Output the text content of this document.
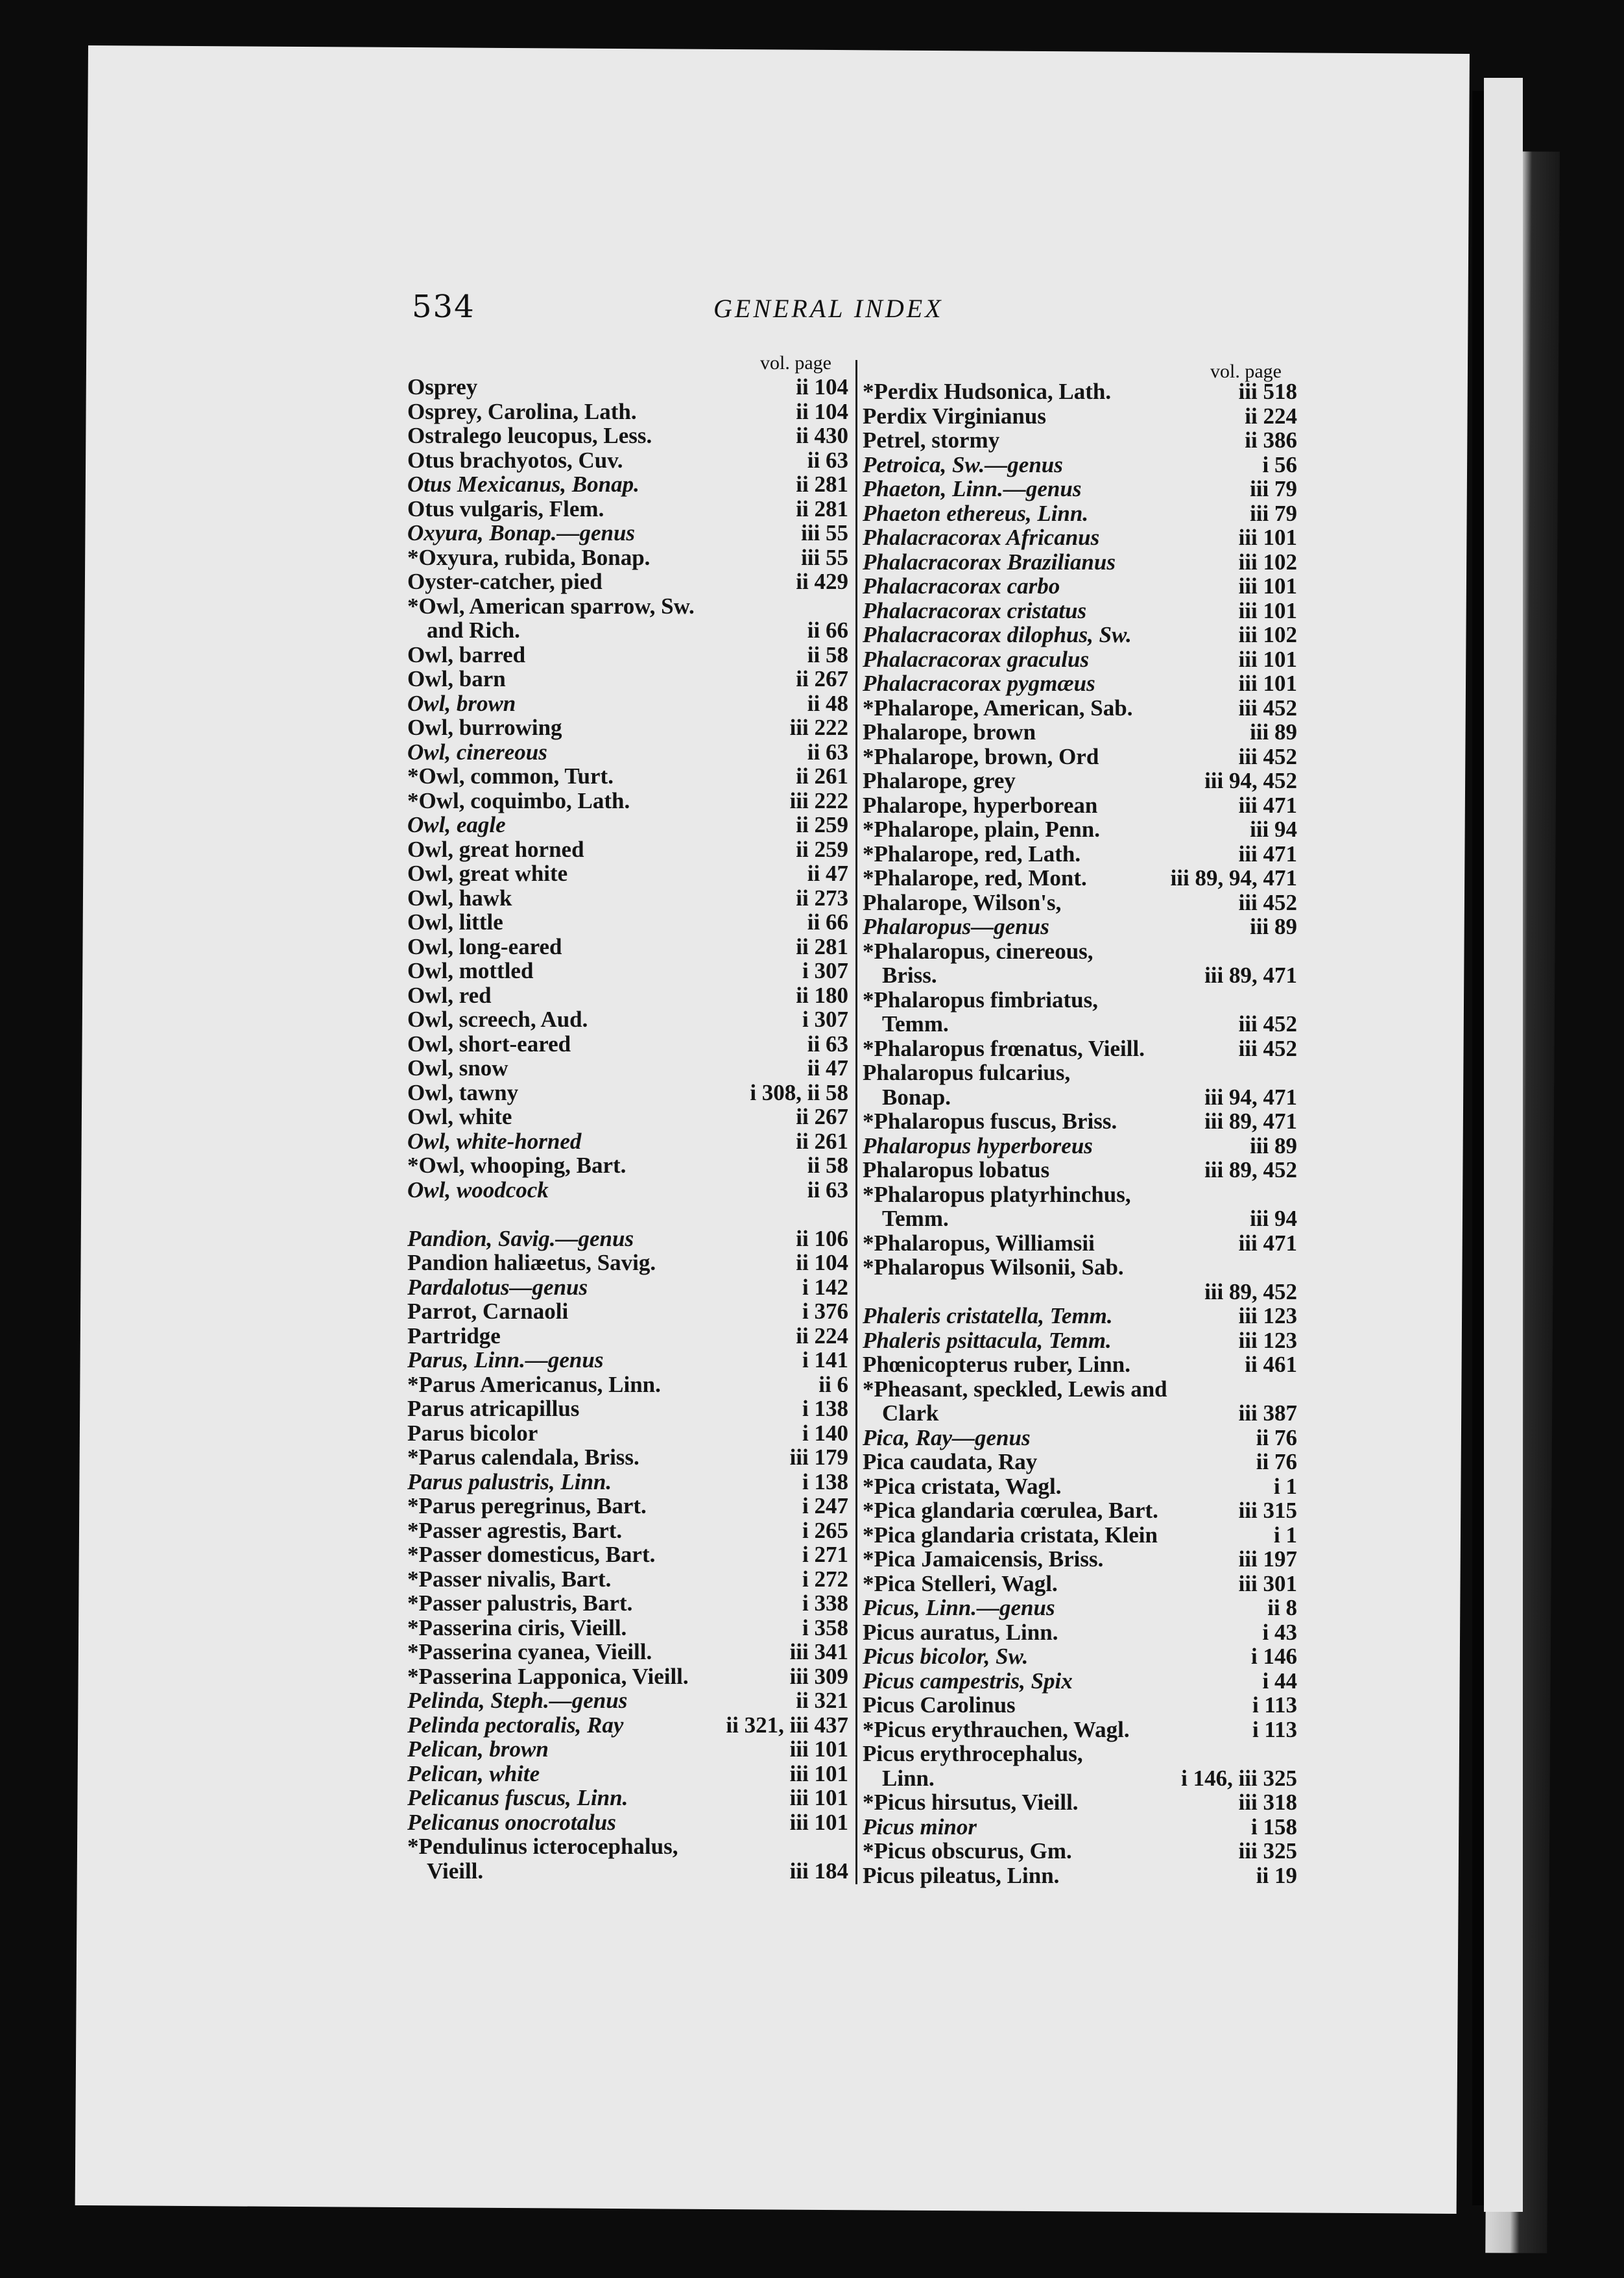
534	GENERAL INDEX
vol. page	vol. page
Osprey	ii 104
Osprey, Carolina, Lath.	ii 104
Ostralego leucopus, Less.	ii 430
Otus brachyotos, Cuv.	ii 63
Otus Mexicanus, Bonap.	ii 281
Otus vulgaris, Flem.	ii 281
Oxyura, Bonap.—genus	iii 55
*Oxyura, rubida, Bonap.	iii 55
Oyster-catcher, pied	ii 429
*Owl, American sparrow, Sw.
and Rich.	ii 66
Owl, barred	ii 58
Owl, barn	ii 267
Owl, brown	ii 48
Owl, burrowing	iii 222
Owl, cinereous	ii 63
*Owl, common, Turt.	ii 261
*Owl, coquimbo, Lath.	iii 222
Owl, eagle	ii 259
Owl, great horned	ii 259
Owl, great white	ii 47
Owl, hawk	ii 273
Owl, little	ii 66
Owl, long-eared	ii 281
Owl, mottled	i 307
Owl, red	ii 180
Owl, screech, Aud.	i 307
Owl, short-eared	ii 63
Owl, snow	ii 47
Owl, tawny	i 308, ii 58
Owl, white	ii 267
Owl, white-horned	ii 261
*Owl, whooping, Bart.	ii 58
Owl, woodcock	ii 63
Pandion, Savig.—genus	ii 106
Pandion haliæetus, Savig.	ii 104
Pardalotus—genus	i 142
Parrot, Carnaoli	i 376
Partridge	ii 224
Parus, Linn.—genus	i 141
*Parus Americanus, Linn.	ii 6
Parus atricapillus	i 138
Parus bicolor	i 140
*Parus calendala, Briss.	iii 179
Parus palustris, Linn.	i 138
*Parus peregrinus, Bart.	i 247
*Passer agrestis, Bart.	i 265
*Passer domesticus, Bart.	i 271
*Passer nivalis, Bart.	i 272
*Passer palustris, Bart.	i 338
*Passerina ciris, Vieill.	i 358
*Passerina cyanea, Vieill.	iii 341
*Passerina Lapponica, Vieill.	iii 309
Pelinda, Steph.—genus	ii 321
Pelinda pectoralis, Ray	ii 321, iii 437
Pelican, brown	iii 101
Pelican, white	iii 101
Pelicanus fuscus, Linn.	iii 101
Pelicanus onocrotalus	iii 101
*Pendulinus icterocephalus,
Vieill.	iii 184
*Perdix Hudsonica, Lath.	iii 518
Perdix Virginianus	ii 224
Petrel, stormy	ii 386
Petroica, Sw.—genus	i 56
Phaeton, Linn.—genus	iii 79
Phaeton ethereus, Linn.	iii 79
Phalacracorax Africanus	iii 101
Phalacracorax Brazilianus	iii 102
Phalacracorax carbo	iii 101
Phalacracorax cristatus	iii 101
Phalacracorax dilophus, Sw.	iii 102
Phalacracorax graculus	iii 101
Phalacracorax pygmæus	iii 101
*Phalarope, American, Sab.	iii 452
Phalarope, brown	iii 89
*Phalarope, brown, Ord	iii 452
Phalarope, grey	iii 94, 452
Phalarope, hyperborean	iii 471
*Phalarope, plain, Penn.	iii 94
*Phalarope, red, Lath.	iii 471
*Phalarope, red, Mont.	iii 89, 94, 471
Phalarope, Wilson's,	iii 452
Phalaropus—genus	iii 89
*Phalaropus, cinereous,
Briss.	iii 89, 471
*Phalaropus fimbriatus,
Temm.	iii 452
*Phalaropus frœnatus, Vieill.	iii 452
Phalaropus fulcarius,
Bonap.	iii 94, 471
*Phalaropus fuscus, Briss.	iii 89, 471
Phalaropus hyperboreus	iii 89
Phalaropus lobatus	iii 89, 452
*Phalaropus platyrhinchus,
Temm.	iii 94
*Phalaropus, Williamsii	iii 471
*Phalaropus Wilsonii, Sab.
iii 89, 452
Phaleris cristatella, Temm.	iii 123
Phaleris psittacula, Temm.	iii 123
Phœnicopterus ruber, Linn.	ii 461
*Pheasant, speckled, Lewis and
Clark	iii 387
Pica, Ray—genus	ii 76
Pica caudata, Ray	ii 76
*Pica cristata, Wagl.	i 1
*Pica glandaria cœrulea, Bart.	iii 315
*Pica glandaria cristata, Klein	i 1
*Pica Jamaicensis, Briss.	iii 197
*Pica Stelleri, Wagl.	iii 301
Picus, Linn.—genus	ii 8
Picus auratus, Linn.	i 43
Picus bicolor, Sw.	i 146
Picus campestris, Spix	i 44
Picus Carolinus	i 113
*Picus erythrauchen, Wagl.	i 113
Picus erythrocephalus,
Linn.	i 146, iii 325
*Picus hirsutus, Vieill.	iii 318
Picus minor	i 158
*Picus obscurus, Gm.	iii 325
Picus pileatus, Linn.	ii 19
